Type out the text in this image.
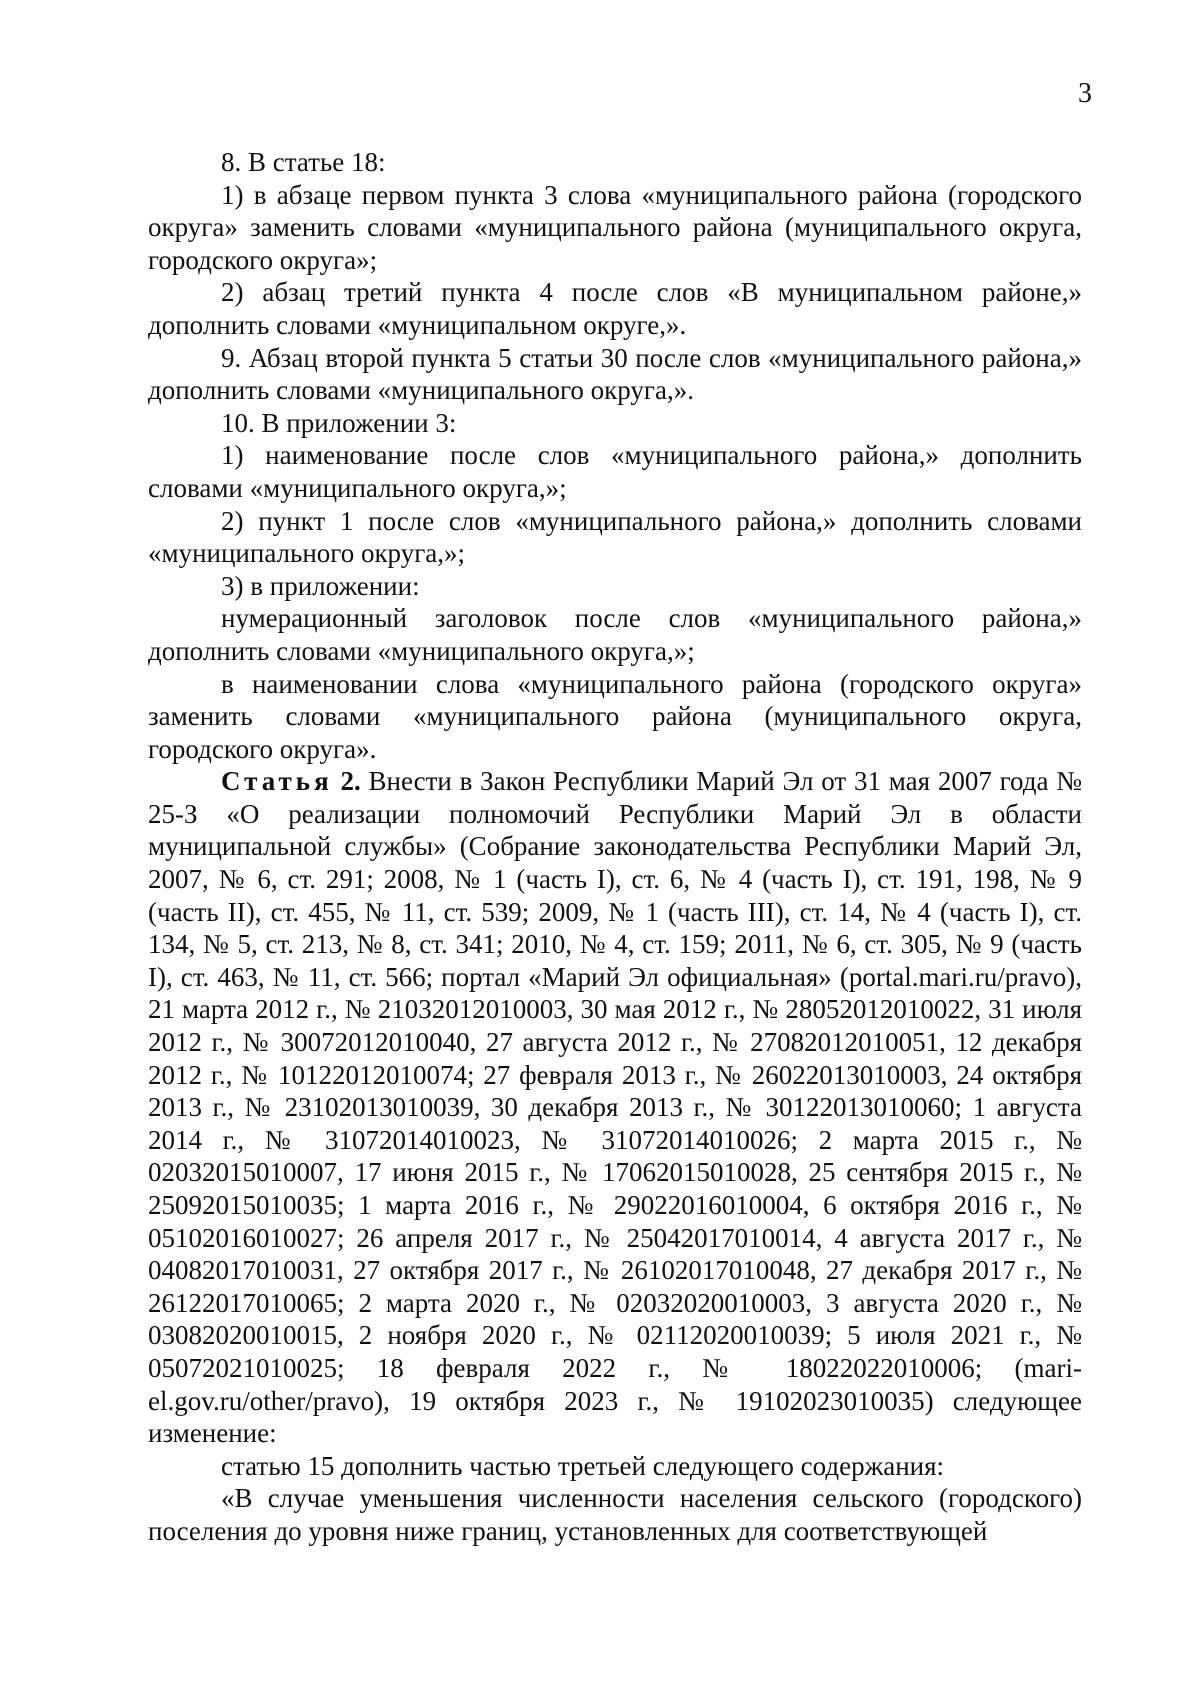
3

8. В статье 18:

1) в абзаце первом пункта 3 слова «муниципального района (городского округа» заменить словами «муниципального района (муниципального округа, городского округа»;

2) абзац третий пункта 4 после слов «В муниципальном районе,» дополнить словами «муниципальном округе,».

9. Абзац второй пункта 5 статьи 30 после слов «муниципального района,» дополнить словами «муниципального округа,».

10. В приложении 3:

1) наименование после слов «муниципального района,» дополнить словами «муниципального округа,»;

2) пункт 1 после слов «муниципального района,» дополнить словами «муниципального округа,»;

3) в приложении:

нумерационный заголовок после слов «муниципального района,» дополнить словами «муниципального округа,»;

в наименовании слова «муниципального района (городского округа» заменить словами «муниципального района (муниципального округа, городского округа».

Статья 2. Внести в Закон Республики Марий Эл от 31 мая 2007 года № 25-З «О реализации полномочий Республики Марий Эл в области муниципальной службы» (Собрание законодательства Республики Марий Эл, 2007, № 6, ст. 291; 2008, № 1 (часть I), ст. 6, № 4 (часть I), ст. 191, 198, № 9 (часть II), ст. 455, № 11, ст. 539; 2009, № 1 (часть III), ст. 14, № 4 (часть I), ст. 134, № 5, ст. 213, № 8, ст. 341; 2010, № 4, ст. 159; 2011, № 6, ст. 305, № 9 (часть I), ст. 463, № 11, ст. 566; портал «Марий Эл официальная» (portal.mari.ru/pravo), 21 марта 2012 г., № 21032012010003, 30 мая 2012 г., № 28052012010022, 31 июля 2012 г., № 30072012010040, 27 августа 2012 г., № 27082012010051, 12 декабря 2012 г., № 10122012010074; 27 февраля 2013 г., № 26022013010003, 24 октября 2013 г., № 23102013010039, 30 декабря 2013 г., № 30122013010060; 1 августа 2014 г., № 31072014010023, № 31072014010026; 2 марта 2015 г., № 02032015010007, 17 июня 2015 г., № 17062015010028, 25 сентября 2015 г., № 25092015010035; 1 марта 2016 г., № 29022016010004, 6 октября 2016 г., № 05102016010027; 26 апреля 2017 г., № 25042017010014, 4 августа 2017 г., № 04082017010031, 27 октября 2017 г., № 26102017010048, 27 декабря 2017 г., № 26122017010065; 2 марта 2020 г., № 02032020010003, 3 августа 2020 г., № 03082020010015, 2 ноября 2020 г., № 02112020010039; 5 июля 2021 г., № 05072021010025; 18 февраля 2022 г., № 18022022010006; (mari-el.gov.ru/other/pravo), 19 октября 2023 г., № 19102023010035) следующее изменение:

статью 15 дополнить частью третьей следующего содержания:

«В случае уменьшения численности населения сельского (городского) поселения до уровня ниже границ, установленных для соответствующей
